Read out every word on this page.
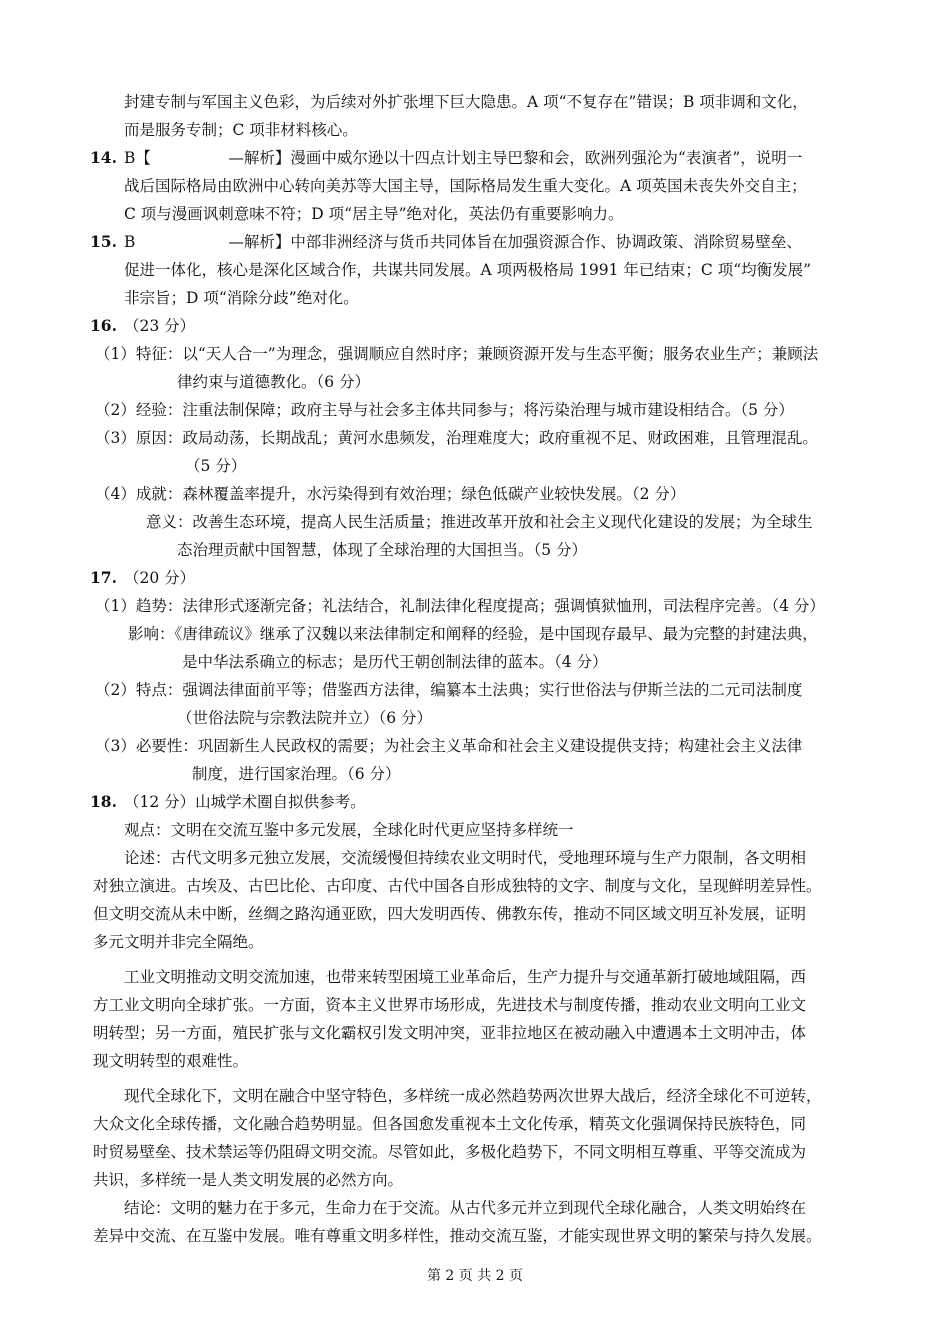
封建专制与军国主义色彩，为后续对外扩张埋下巨大隐患。A 项“不复存在”错误；B 项非调和文化，
而是服务专制；C 项非材料核心。
14. B【　　　　　—解析】漫画中威尔逊以十四点计划主导巴黎和会，欧洲列强沦为“表演者”，说明一
战后国际格局由欧洲中心转向美苏等大国主导，国际格局发生重大变化。A 项英国未丧失外交自主；
C 项与漫画讽刺意味不符；D 项“居主导”绝对化，英法仍有重要影响力。
15. B　　　　　　—解析】中部非洲经济与货币共同体旨在加强资源合作、协调政策、消除贸易壁垒、
促进一体化，核心是深化区域合作，共谋共同发展。A 项两极格局 1991 年已结束；C 项“均衡发展”
非宗旨；D 项“消除分歧”绝对化。
16. （23 分）
（1）特征：以“天人合一”为理念，强调顺应自然时序；兼顾资源开发与生态平衡；服务农业生产；兼顾法
律约束与道德教化。（6 分）
（2）经验：注重法制保障；政府主导与社会多主体共同参与；将污染治理与城市建设相结合。（5 分）
（3）原因：政局动荡，长期战乱；黄河水患频发，治理难度大；政府重视不足、财政困难，且管理混乱。
（5 分）
（4）成就：森林覆盖率提升，水污染得到有效治理；绿色低碳产业较快发展。（2 分）
意义：改善生态环境，提高人民生活质量；推进改革开放和社会主义现代化建设的发展；为全球生
态治理贡献中国智慧，体现了全球治理的大国担当。（5 分）
17. （20 分）
（1）趋势：法律形式逐渐完备；礼法结合，礼制法律化程度提高；强调慎狱恤刑，司法程序完善。（4 分）
影响：《唐律疏议》继承了汉魏以来法律制定和阐释的经验，是中国现存最早、最为完整的封建法典，
是中华法系确立的标志；是历代王朝创制法律的蓝本。（4 分）
（2）特点：强调法律面前平等；借鉴西方法律，编纂本土法典；实行世俗法与伊斯兰法的二元司法制度
（世俗法院与宗教法院并立）（6 分）
（3）必要性：巩固新生人民政权的需要；为社会主义革命和社会主义建设提供支持；构建社会主义法律
制度，进行国家治理。（6 分）
18. （12 分）山城学术圈自拟供参考。
观点：文明在交流互鉴中多元发展，全球化时代更应坚持多样统一
论述：古代文明多元独立发展，交流缓慢但持续农业文明时代，受地理环境与生产力限制，各文明相
对独立演进。古埃及、古巴比伦、古印度、古代中国各自形成独特的文字、制度与文化，呈现鲜明差异性。
但文明交流从未中断，丝绸之路沟通亚欧，四大发明西传、佛教东传，推动不同区域文明互补发展，证明
多元文明并非完全隔绝。
工业文明推动文明交流加速，也带来转型困境工业革命后，生产力提升与交通革新打破地域阻隔，西
方工业文明向全球扩张。一方面，资本主义世界市场形成，先进技术与制度传播，推动农业文明向工业文
明转型；另一方面，殖民扩张与文化霸权引发文明冲突，亚非拉地区在被动融入中遭遇本土文明冲击，体
现文明转型的艰难性。
现代全球化下，文明在融合中坚守特色，多样统一成必然趋势两次世界大战后，经济全球化不可逆转，
大众文化全球传播，文化融合趋势明显。但各国愈发重视本土文化传承，精英文化强调保持民族特色，同
时贸易壁垒、技术禁运等仍阻碍文明交流。尽管如此，多极化趋势下，不同文明相互尊重、平等交流成为
共识，多样统一是人类文明发展的必然方向。
结论：文明的魅力在于多元，生命力在于交流。从古代多元并立到现代全球化融合，人类文明始终在
差异中交流、在互鉴中发展。唯有尊重文明多样性，推动交流互鉴，才能实现世界文明的繁荣与持久发展。
第 2 页 共 2 页
